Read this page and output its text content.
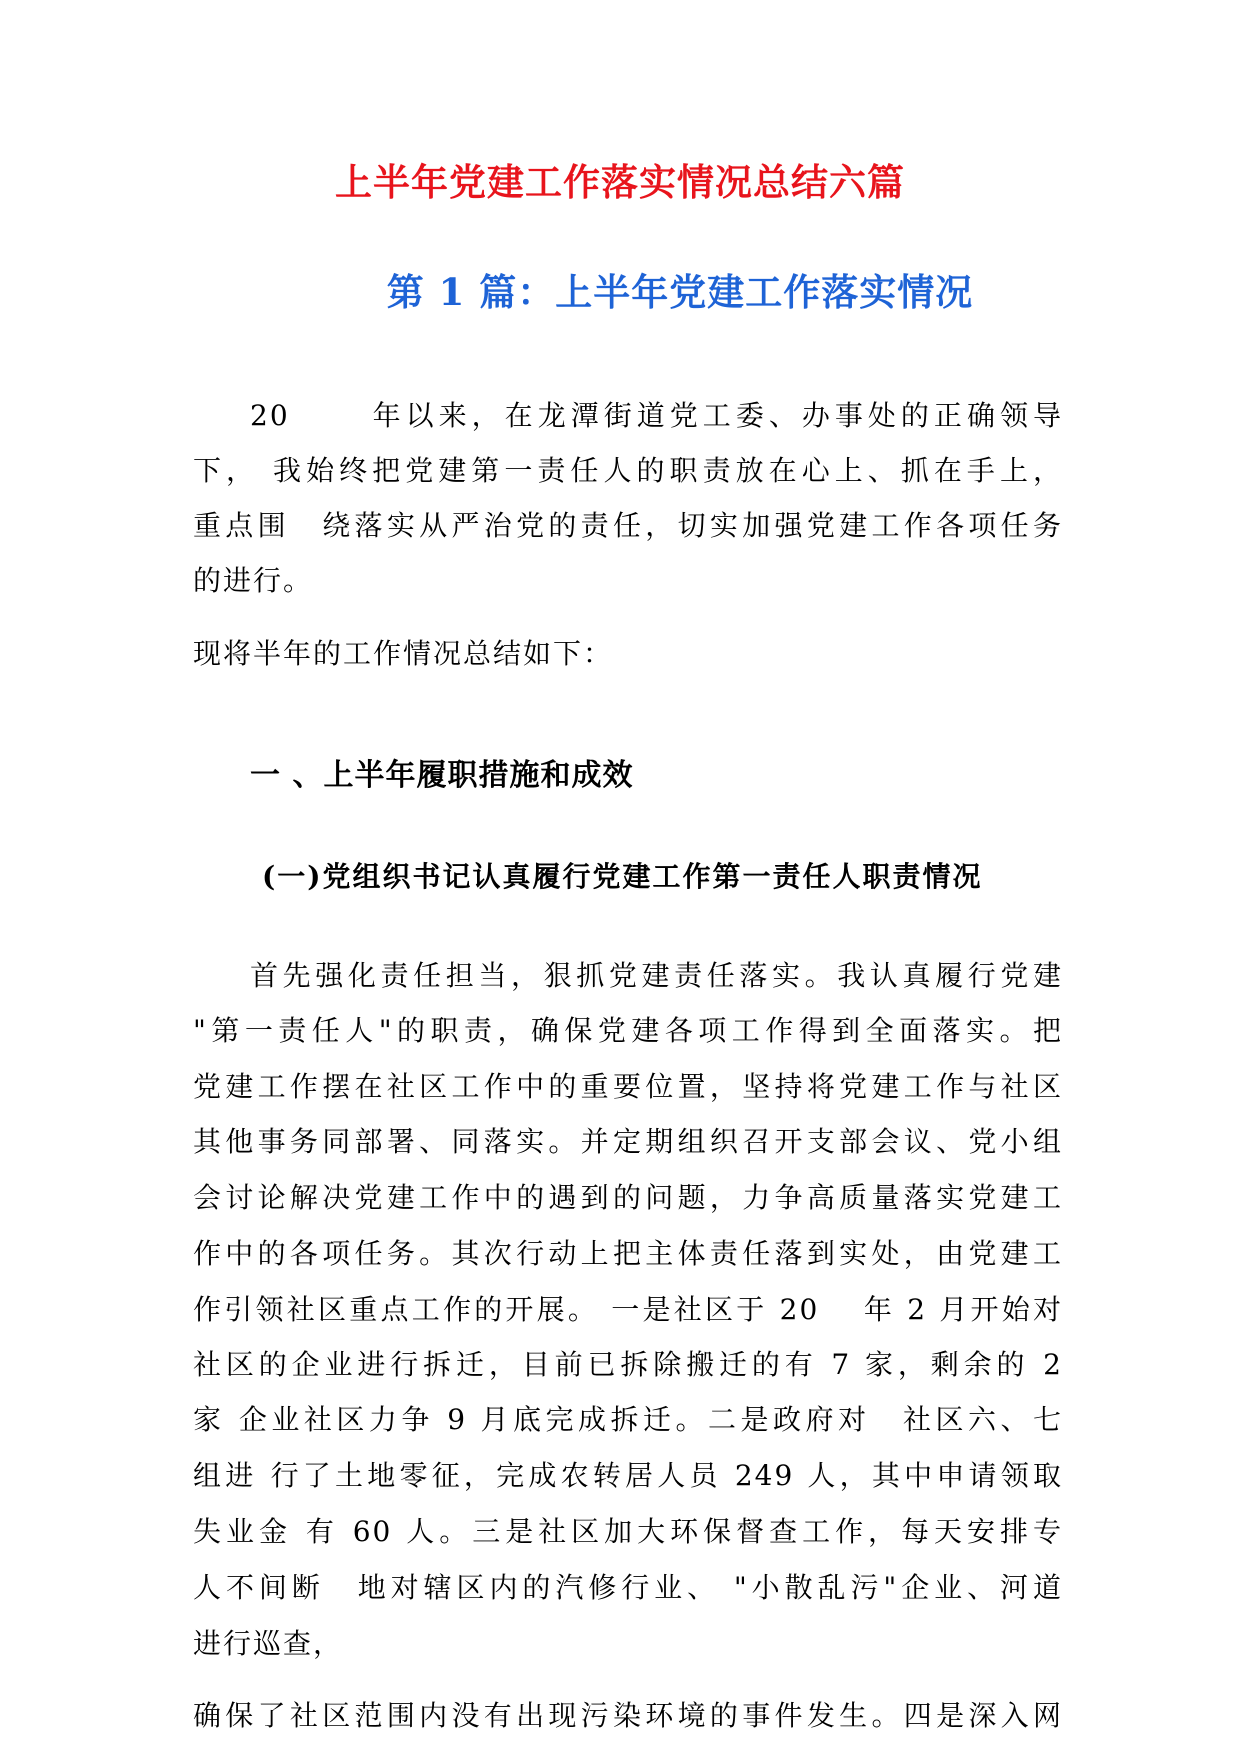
上半年党建工作落实情况总结六篇
第 1 篇：上半年党建工作落实情况

20　　 年以来，在龙潭街道党工委、办事处的正确领导

下， 我始终把党建第一责任人的职责放在心上、抓在手上，

重点围　绕落实从严治党的责任，切实加强党建工作各项任务

的进行。

现将半年的工作情况总结如下：

一 、上半年履职措施和成效
(一)党组织书记认真履行党建工作第一责任人职责情况

首先强化责任担当，狠抓党建责任落实。我认真履行党建

"第一责任人"的职责，确保党建各项工作得到全面落实。把

党建工作摆在社区工作中的重要位置，坚持将党建工作与社区

其他事务同部署、同落实。并定期组织召开支部会议、党小组

会讨论解决党建工作中的遇到的问题，力争高质量落实党建工

作中的各项任务。其次行动上把主体责任落到实处，由党建工

作引领社区重点工作的开展。 一是社区于 20　 年 2 月开始对

社区的企业进行拆迁，目前已拆除搬迁的有 7 家，剩余的 2

家 企业社区力争 9 月底完成拆迁。二是政府对　社区六、七

组进 行了土地零征，完成农转居人员 249 人，其中申请领取

失业金 有 60 人。三是社区加大环保督查工作，每天安排专

人不间断　地对辖区内的汽修行业、 "小散乱污"企业、河道

进行巡查，

确保了社区范围内没有出现污染环境的事件发生。四是深入网
